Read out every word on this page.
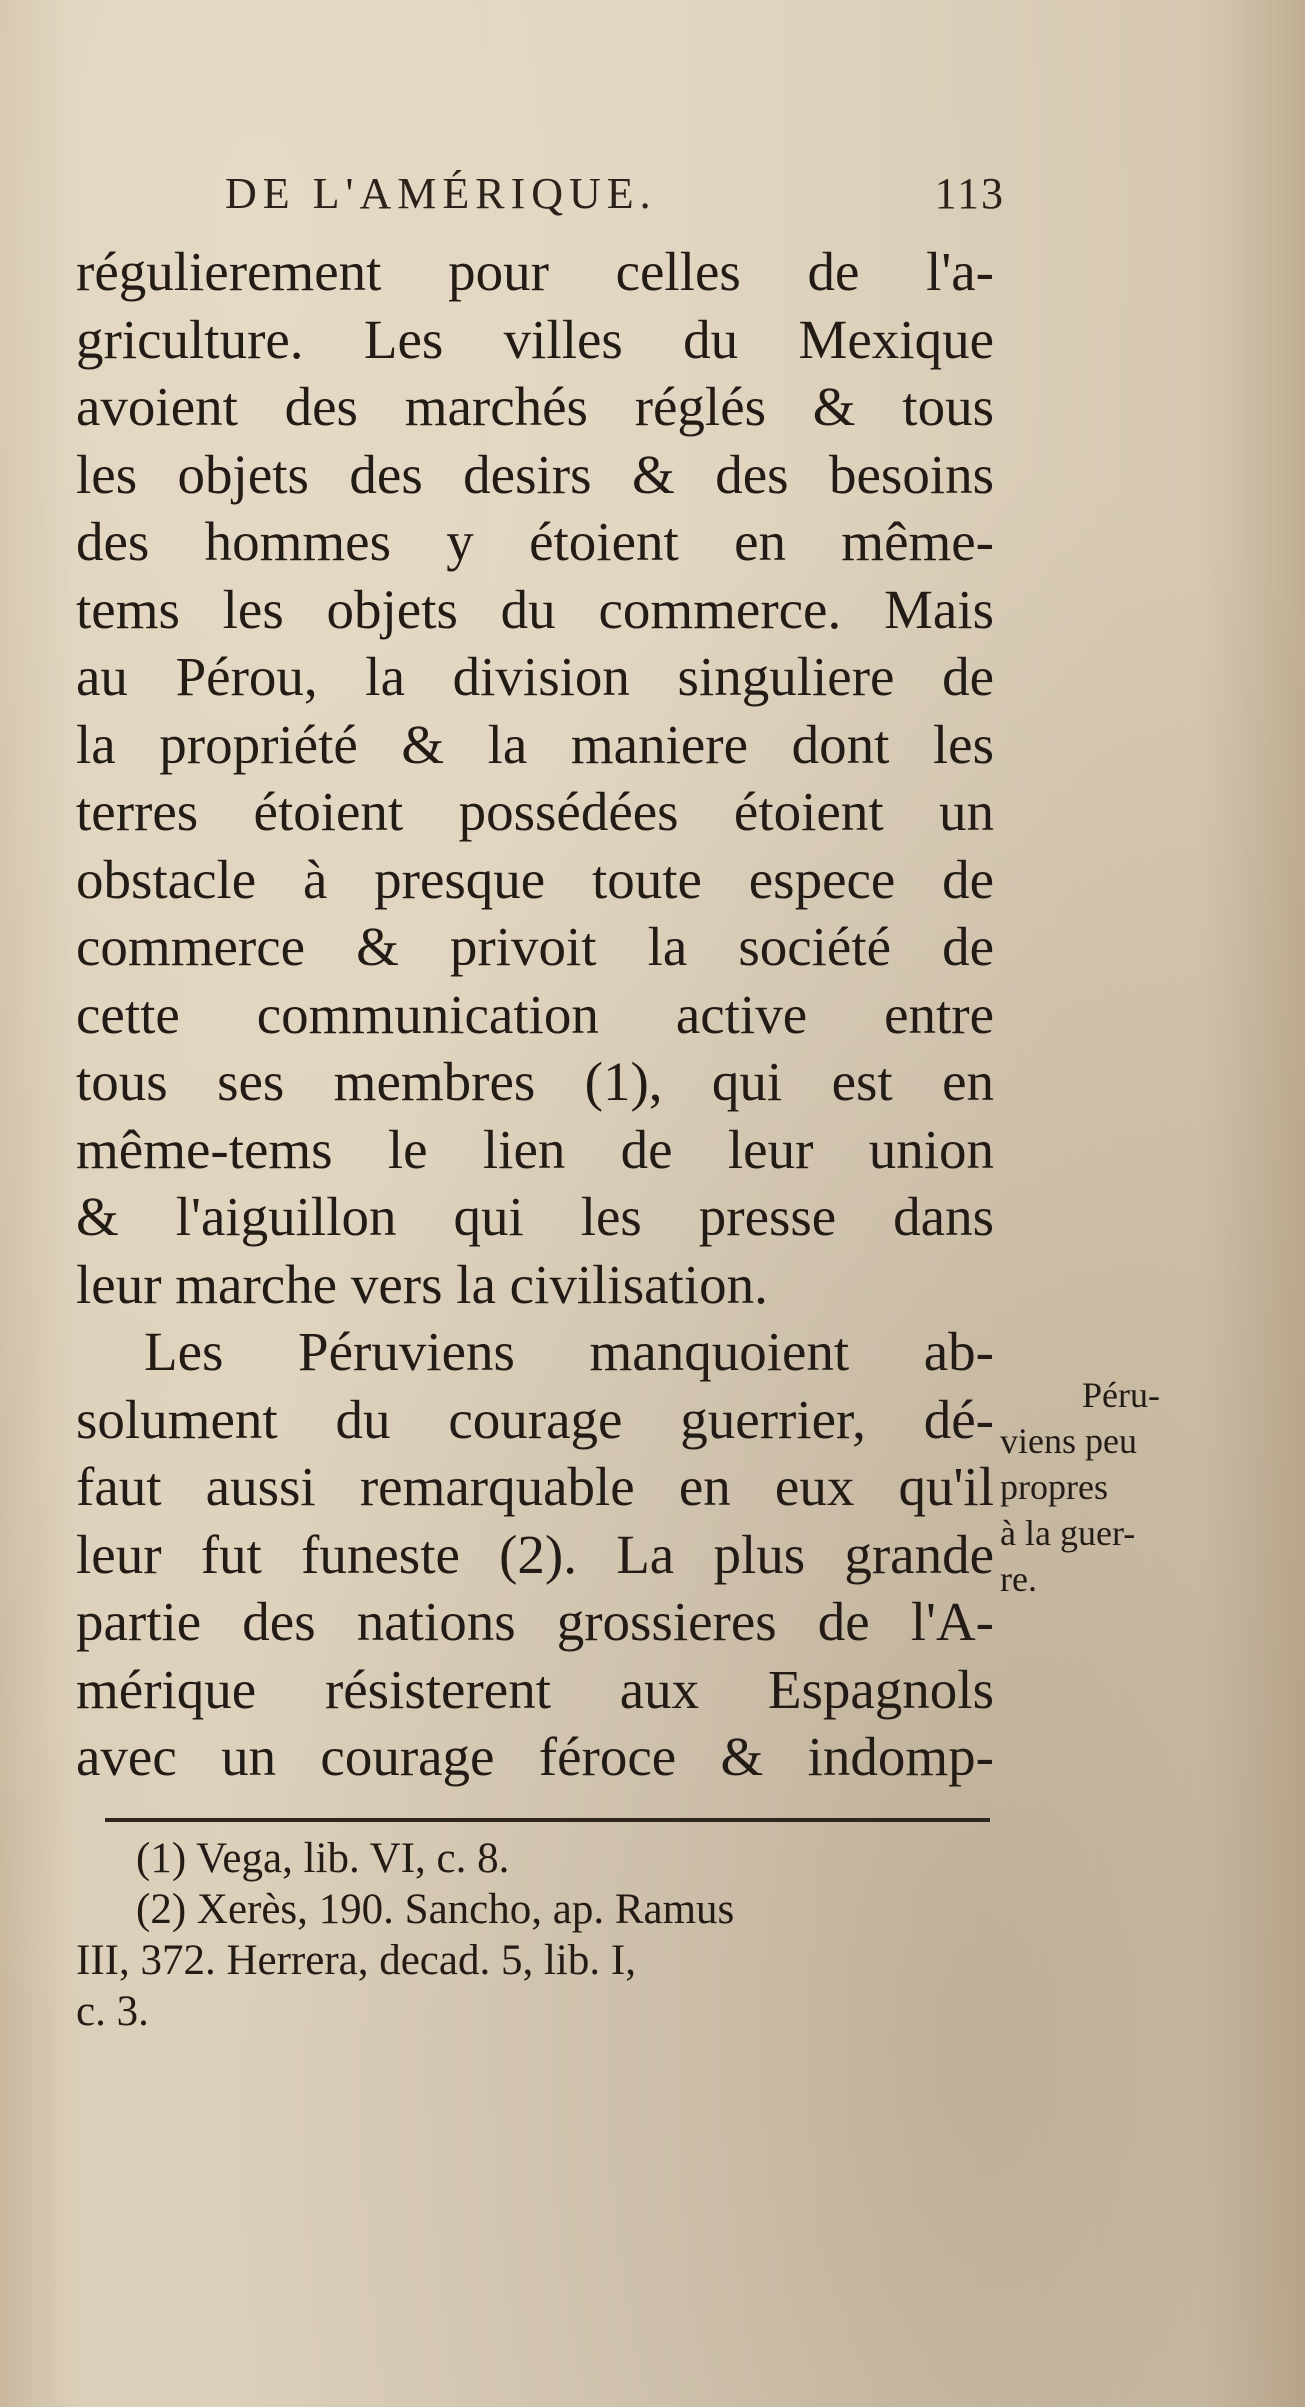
DE L'AMÉRIQUE.	113
régulierement pour celles de l'a-
griculture. Les villes du Mexique
avoient des marchés réglés & tous
les objets des desirs & des besoins
des hommes y étoient en même-
tems les objets du commerce. Mais
au Pérou, la division singuliere de
la propriété & la maniere dont les
terres étoient possédées étoient un
obstacle à presque toute espece de
commerce & privoit la société de
cette communication active entre
tous ses membres (1), qui est en
même-tems le lien de leur union
& l'aiguillon qui les presse dans
leur marche vers la civilisation.
Les Péruviens manquoient ab-
solument du courage guerrier, dé-
faut aussi remarquable en eux qu'il
leur fut funeste (2). La plus grande
partie des nations grossieres de l'A-
mérique résisterent aux Espagnols
avec un courage féroce & indomp-
Péru-
viens peu
propres
à la guer-
re.
(1) Vega, lib. VI, c. 8.
(2) Xerès, 190. Sancho, ap. Ramus
III, 372. Herrera, decad. 5, lib. I,
c. 3.
